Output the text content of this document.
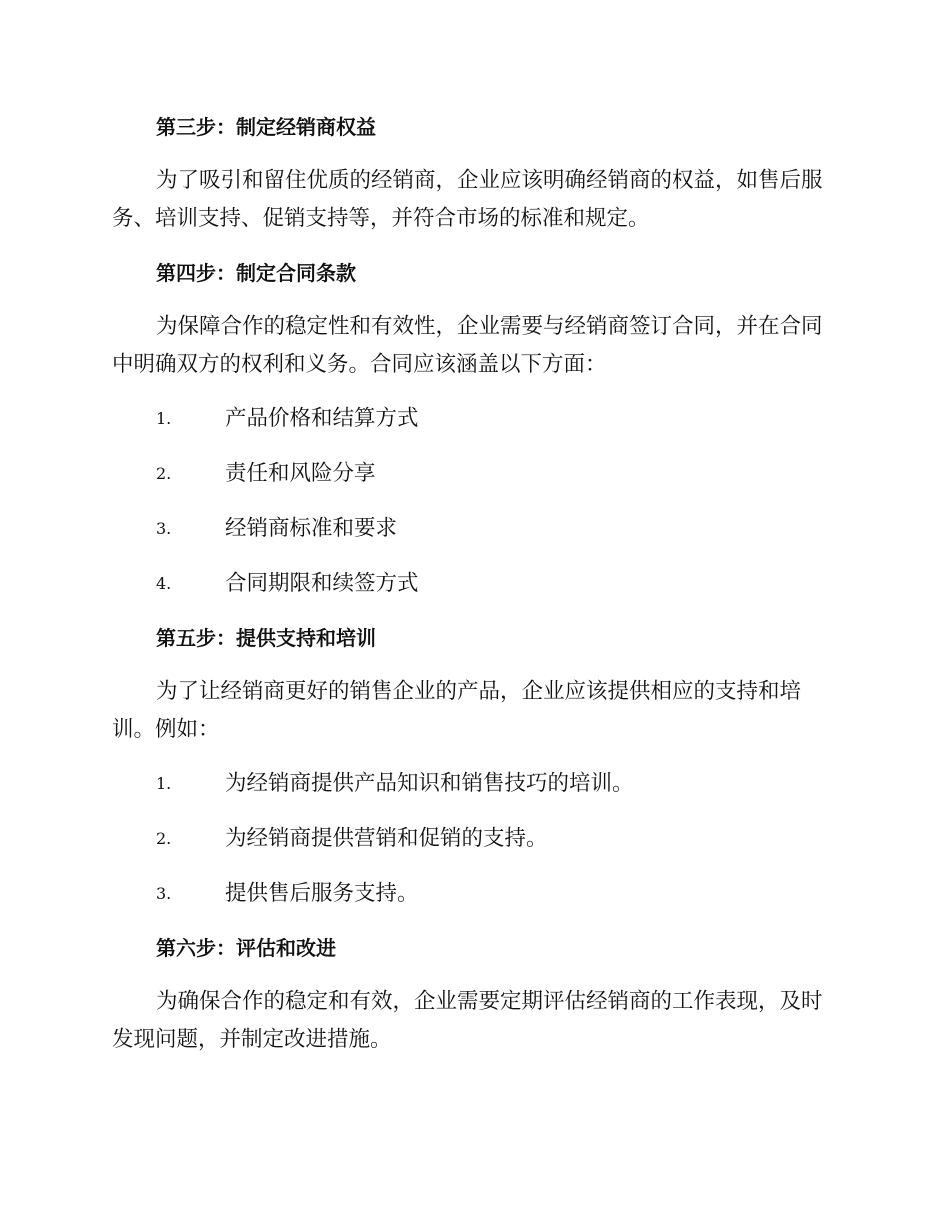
第三步：制定经销商权益

为了吸引和留住优质的经销商，企业应该明确经销商的权益，如售后服务、培训支持、促销支持等，并符合市场的标准和规定。

第四步：制定合同条款

为保障合作的稳定性和有效性，企业需要与经销商签订合同，并在合同中明确双方的权利和义务。合同应该涵盖以下方面：

1. 产品价格和结算方式
2. 责任和风险分享
3. 经销商标准和要求
4. 合同期限和续签方式
第五步：提供支持和培训

为了让经销商更好的销售企业的产品，企业应该提供相应的支持和培训。例如：

1. 为经销商提供产品知识和销售技巧的培训。
2. 为经销商提供营销和促销的支持。
3. 提供售后服务支持。
第六步：评估和改进

为确保合作的稳定和有效，企业需要定期评估经销商的工作表现，及时发现问题，并制定改进措施。
